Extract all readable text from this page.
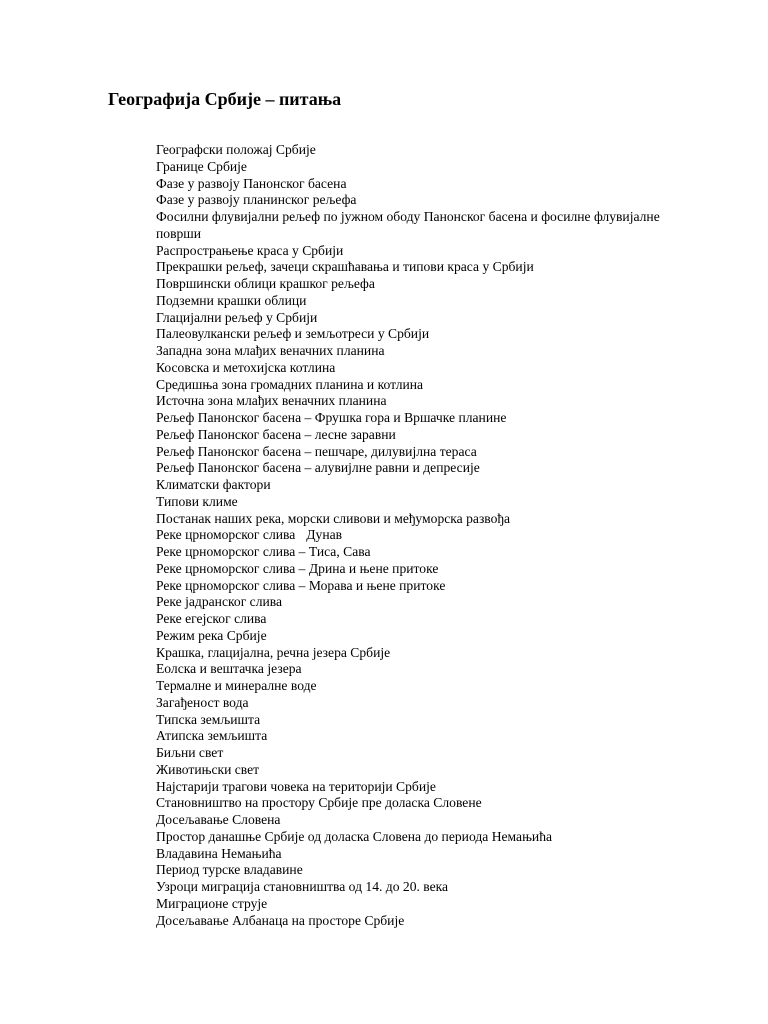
Географија Србије – питања
Географски положај Србије
Границе Србије
Фазе у развоју Панонског басена
Фазе у развоју планинског рељефа
Фосилни флувијални рељеф по јужном ободу Панонског басена и фосилне флувијалне површи
Распрострањење краса у Србији
Прекрашки рељеф, зачеци скрашћавања и типови краса у Србији
Површински облици крашког рељефа
Подземни крашки облици
Глацијални рељеф у Србији
Палеовулкански рељеф и земљотреси у Србији
Западна зона млађих веначних планина
Косовска и метохијска котлина
Средишња зона громадних планина и котлина
Источна зона млађих веначних планина
Рељеф Панонског басена – Фрушка гора и Вршачке планине
Рељеф Панонског басена – лесне заравни
Рељеф Панонског басена – пешчаре, дилувијлна тераса
Рељеф Панонског басена – алувијлне равни и депресије
Климатски фактори
Типови климе
Постанак наших река, морски сливови и међуморска развођа
Реке црноморског слива Дунав
Реке црноморског слива – Тиса, Сава
Реке црноморског слива – Дрина и њене притоке
Реке црноморског слива – Морава и њене притоке
Реке јадранског слива
Реке егејског слива
Режим река Србије
Крашка, глацијална, речна језера Србије
Еолска и вештачка језера
Термалне и минералне воде
Загађеност вода
Типска земљишта
Атипска земљишта
Биљни свет
Животињски свет
Најстарији трагови човека на територији Србије
Становништво на простору Србије пре доласка Словене
Досељавање Словена
Простор данашње Србије од доласка Словена до периода Немањића
Владавина Немањића
Период турске владавине
Узроци миграција становништва од 14. до 20. века
Миграционе струје
Досељавање Албанаца на просторе Србије
